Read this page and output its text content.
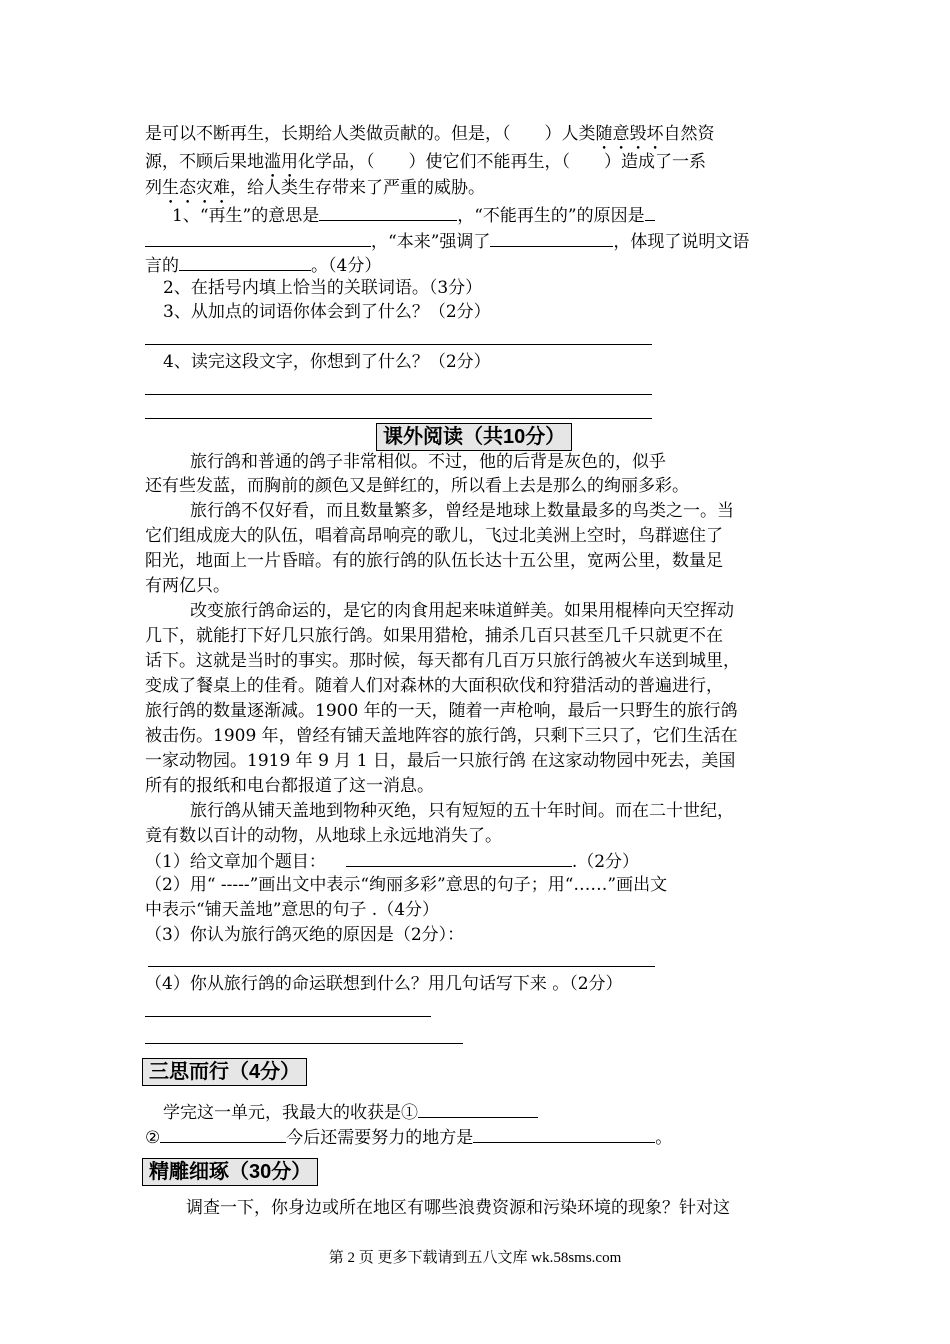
是可以不断再生，长期给人类做贡献的。但是，（ ）人类随意毁坏自然资
源，不顾后果地滥用化学品，（ ）使它们不能再生，（ ）造成了一系
列生态灾难，给人类生存带来了严重的威胁。
1、“再生”的意思是	，“不能再生的”的原因是
，“本来”强调了	，体现了说明文语
言的	。（4分）
2、在括号内填上恰当的关联词语。（3分）
3、从加点的词语你体会到了什么？（2分）
4、读完这段文字，你想到了什么？（2分）
课外阅读（共10分）
旅行鸽和普通的鸽子非常相似。不过，他的后背是灰色的，似乎
还有些发蓝，而胸前的颜色又是鲜红的，所以看上去是那么的绚丽多彩。
旅行鸽不仅好看，而且数量繁多，曾经是地球上数量最多的鸟类之一。当
它们组成庞大的队伍，唱着高昂响亮的歌儿，飞过北美洲上空时，鸟群遮住了
阳光，地面上一片昏暗。有的旅行鸽的队伍长达十五公里，宽两公里，数量足
有两亿只。
改变旅行鸽命运的，是它的肉食用起来味道鲜美。如果用棍棒向天空挥动
几下，就能打下好几只旅行鸽。如果用猎枪，捕杀几百只甚至几千只就更不在
话下。这就是当时的事实。那时候，每天都有几百万只旅行鸽被火车送到城里，
变成了餐桌上的佳肴。随着人们对森林的大面积砍伐和狩猎活动的普遍进行，
旅行鸽的数量逐渐减。1900 年的一天，随着一声枪响，最后一只野生的旅行鸽
被击伤。1909 年，曾经有铺天盖地阵容的旅行鸽，只剩下三只了，它们生活在
一家动物园。1919 年 9 月 1 日，最后一只旅行鸽 在这家动物园中死去，美国
所有的报纸和电台都报道了这一消息。
旅行鸽从铺天盖地到物种灭绝，只有短短的五十年时间。而在二十世纪，
竟有数以百计的动物，从地球上永远地消失了。
（1）给文章加个题目：	.（2分）
（2）用“ -----”画出文中表示“绚丽多彩”意思的句子；用“……”画出文
中表示“铺天盖地”意思的句子 .（4分）
（3）你认为旅行鸽灭绝的原因是（2分）：
（4）你从旅行鸽的命运联想到什么？用几句话写下来 。（2分）
三思而行（4分）
学完这一单元，我最大的收获是①
②	今后还需要努力的地方是	。
精雕细琢（30分）
调查一下，你身边或所在地区有哪些浪费资源和污染环境的现象？针对这
第 2 页 更多下载请到五八文库 wk.58sms.com
